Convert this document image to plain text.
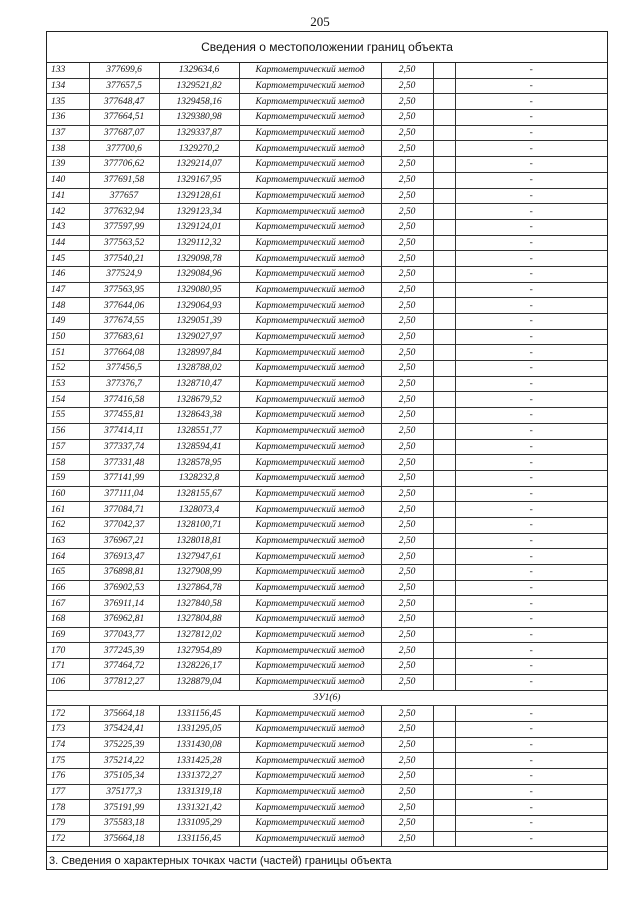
205
Сведения о местоположении границ объекта
133	377699,6	1329634,6	Картометрический метод	2,50		-
134	377657,5	1329521,82	Картометрический метод	2,50		-
135	377648,47	1329458,16	Картометрический метод	2,50		-
136	377664,51	1329380,98	Картометрический метод	2,50		-
137	377687,07	1329337,87	Картометрический метод	2,50		-
138	377700,6	1329270,2	Картометрический метод	2,50		-
139	377706,62	1329214,07	Картометрический метод	2,50		-
140	377691,58	1329167,95	Картометрический метод	2,50		-
141	377657	1329128,61	Картометрический метод	2,50		-
142	377632,94	1329123,34	Картометрический метод	2,50		-
143	377597,99	1329124,01	Картометрический метод	2,50		-
144	377563,52	1329112,32	Картометрический метод	2,50		-
145	377540,21	1329098,78	Картометрический метод	2,50		-
146	377524,9	1329084,96	Картометрический метод	2,50		-
147	377563,95	1329080,95	Картометрический метод	2,50		-
148	377644,06	1329064,93	Картометрический метод	2,50		-
149	377674,55	1329051,39	Картометрический метод	2,50		-
150	377683,61	1329027,97	Картометрический метод	2,50		-
151	377664,08	1328997,84	Картометрический метод	2,50		-
152	377456,5	1328788,02	Картометрический метод	2,50		-
153	377376,7	1328710,47	Картометрический метод	2,50		-
154	377416,58	1328679,52	Картометрический метод	2,50		-
155	377455,81	1328643,38	Картометрический метод	2,50		-
156	377414,11	1328551,77	Картометрический метод	2,50		-
157	377337,74	1328594,41	Картометрический метод	2,50		-
158	377331,48	1328578,95	Картометрический метод	2,50		-
159	377141,99	1328232,8	Картометрический метод	2,50		-
160	377111,04	1328155,67	Картометрический метод	2,50		-
161	377084,71	1328073,4	Картометрический метод	2,50		-
162	377042,37	1328100,71	Картометрический метод	2,50		-
163	376967,21	1328018,81	Картометрический метод	2,50		-
164	376913,47	1327947,61	Картометрический метод	2,50		-
165	376898,81	1327908,99	Картометрический метод	2,50		-
166	376902,53	1327864,78	Картометрический метод	2,50		-
167	376911,14	1327840,58	Картометрический метод	2,50		-
168	376962,81	1327804,88	Картометрический метод	2,50		-
169	377043,77	1327812,02	Картометрический метод	2,50		-
170	377245,39	1327954,89	Картометрический метод	2,50		-
171	377464,72	1328226,17	Картометрический метод	2,50		-
106	377812,27	1328879,04	Картометрический метод	2,50		-
3У1(6)						
172	375664,18	1331156,45	Картометрический метод	2,50		-
173	375424,41	1331295,05	Картометрический метод	2,50		-
174	375225,39	1331430,08	Картометрический метод	2,50		-
175	375214,22	1331425,28	Картометрический метод	2,50		-
176	375105,34	1331372,27	Картометрический метод	2,50		-
177	375177,3	1331319,18	Картометрический метод	2,50		-
178	375191,99	1331321,42	Картометрический метод	2,50		-
179	375583,18	1331095,29	Картометрический метод	2,50		-
172	375664,18	1331156,45	Картометрический метод	2,50		-
3. Сведения о характерных точках части (частей) границы объекта
